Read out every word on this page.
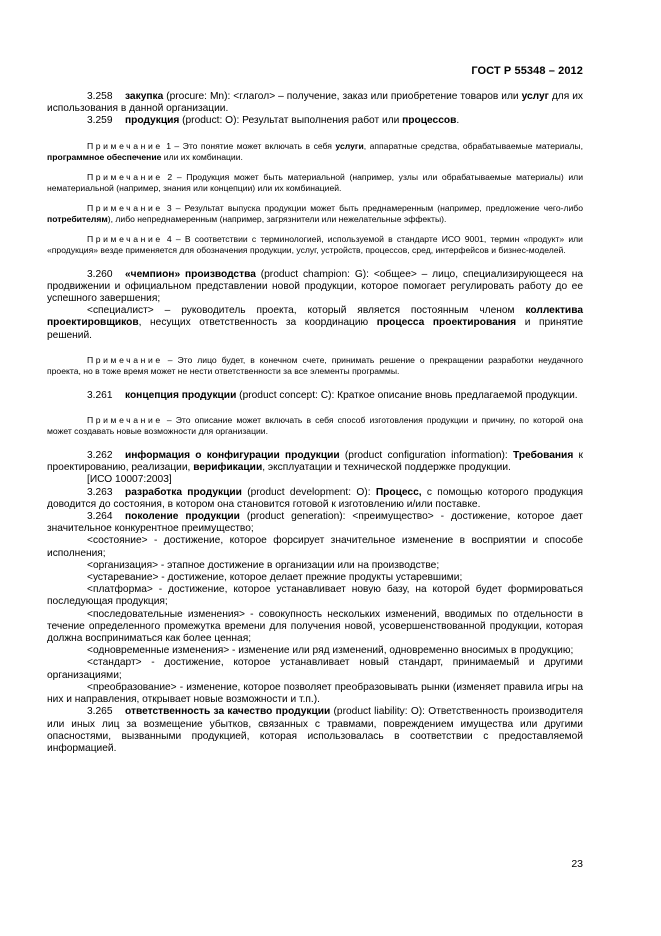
ГОСТ Р 55348 – 2012

3.258 закупка (procure: Mn): <глагол> – получение, заказ или приобретение товаров или услуг для их использования в данной организации.

3.259 продукция (product: O): Результат выполнения работ или процессов.

Примечание 1 – Это понятие может включать в себя услуги, аппаратные средства, обрабатываемые материалы, программное обеспечение или их комбинации.

Примечание 2 – Продукция может быть материальной (например, узлы или обрабатываемые материалы) или нематериальной (например, знания или концепции) или их комбинацией.

Примечание 3 – Результат выпуска продукции может быть преднамеренным (например, предложение чего-либо потребителям), либо непреднамеренным (например, загрязнители или нежелательные эффекты).

Примечание 4 – В соответствии с терминологией, используемой в стандарте ИСО 9001, термин «продукт» или «продукция» везде применяется для обозначения продукции, услуг, устройств, процессов, сред, интерфейсов и бизнес-моделей.

3.260 «чемпион» производства (product champion: G): <общее> – лицо, специализирующееся на продвижении и официальном представлении новой продукции, которое помогает регулировать работу до ее успешного завершения;

<специалист> – руководитель проекта, который является постоянным членом коллектива проектировщиков, несущих ответственность за координацию процесса проектирования и принятие решений.

Примечание – Это лицо будет, в конечном счете, принимать решение о прекращении разработки неудачного проекта, но в тоже время может не нести ответственности за все элементы программы.

3.261 концепция продукции (product concept: C): Краткое описание вновь предлагаемой продукции.

Примечание – Это описание может включать в себя способ изготовления продукции и причину, по которой она может создавать новые возможности для организации.

3.262 информация о конфигурации продукции (product configuration information): Требования к проектированию, реализации, верификации, эксплуатации и технической поддержке продукции.

[ИСО 10007:2003]

3.263 разработка продукции (product development: O): Процесс, с помощью которого продукция доводится до состояния, в котором она становится готовой к изготовлению и/или поставке.

3.264 поколение продукции (product generation): <преимущество> - достижение, которое дает значительное конкурентное преимущество;

<состояние> - достижение, которое форсирует значительное изменение в восприятии и способе исполнения;

<организация> - этапное достижение в организации или на производстве;

<устаревание> - достижение, которое делает прежние продукты устаревшими;

<платформа> - достижение, которое устанавливает новую базу, на которой будет формироваться последующая продукция;

<последовательные изменения> - совокупность нескольких изменений, вводимых по отдельности в течение определенного промежутка времени для получения новой, усовершенствованной продукции, которая должна восприниматься как более ценная;

<одновременные изменения> - изменение или ряд изменений, одновременно вносимых в продукцию;

<стандарт> - достижение, которое устанавливает новый стандарт, принимаемый и другими организациями;

<преобразование> - изменение, которое позволяет преобразовывать рынки (изменяет правила игры на них и направления, открывает новые возможности и т.п.).

3.265 ответственность за качество продукции (product liability: O): Ответственность производителя или иных лиц за возмещение убытков, связанных с травмами, повреждением имущества или другими опасностями, вызванными продукцией, которая использовалась в соответствии с предоставляемой информацией.

23
